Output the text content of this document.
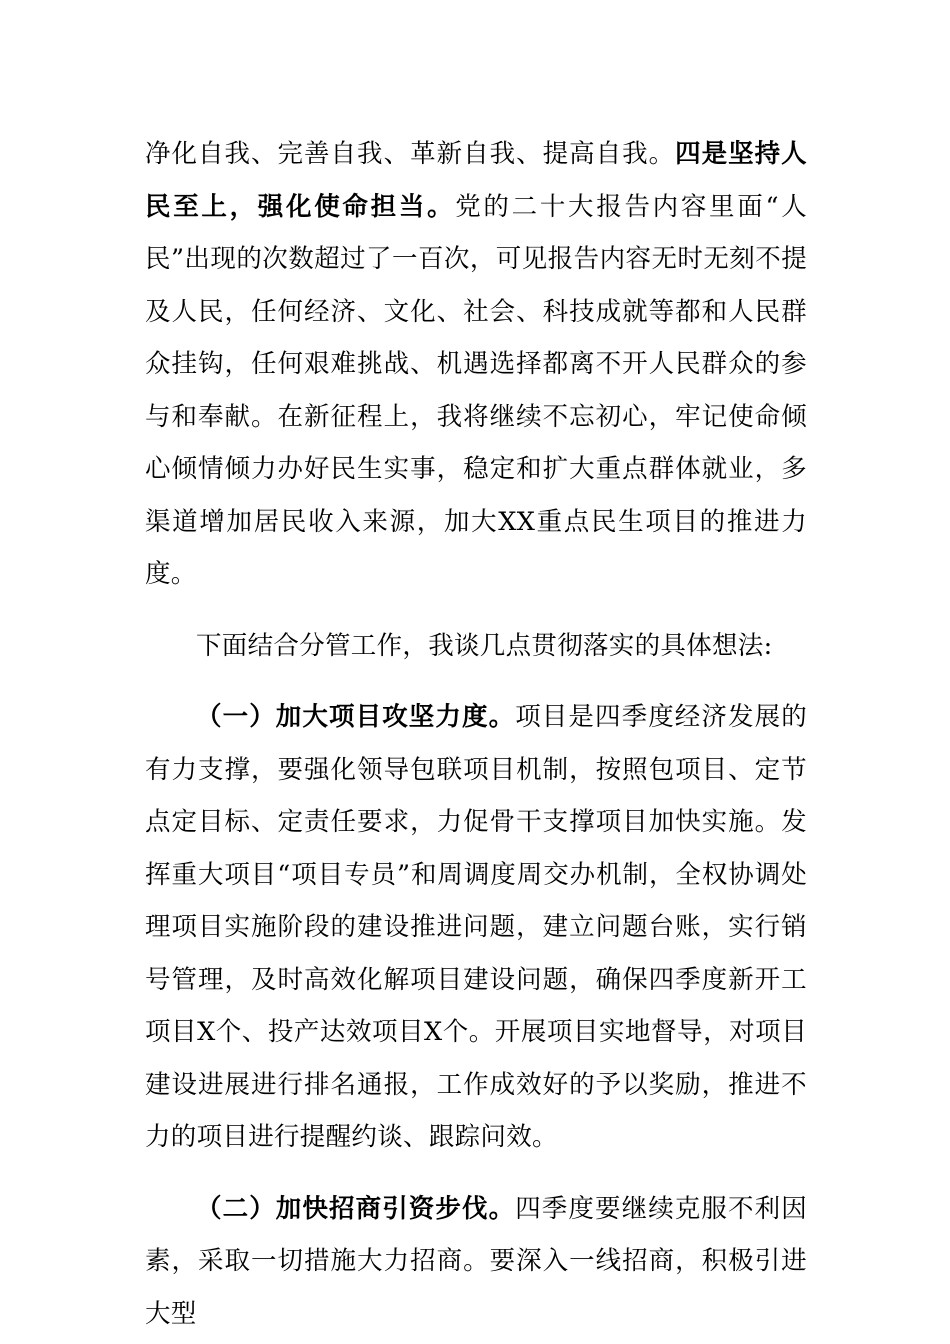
净化自我、完善自我、革新自我、提高自我。四是坚持人民至上，强化使命担当。党的二十大报告内容里面“人民”出现的次数超过了一百次，可见报告内容无时无刻不提及人民，任何经济、文化、社会、科技成就等都和人民群众挂钩，任何艰难挑战、机遇选择都离不开人民群众的参与和奉献。在新征程上，我将继续不忘初心，牢记使命倾心倾情倾力办好民生实事，稳定和扩大重点群体就业，多渠道增加居民收入来源，加大XX重点民生项目的推进力度。

下面结合分管工作，我谈几点贯彻落实的具体想法:

（一）加大项目攻坚力度。项目是四季度经济发展的有力支撑，要强化领导包联项目机制，按照包项目、定节点定目标、定责任要求，力促骨干支撑项目加快实施。发挥重大项目“项目专员”和周调度周交办机制，全权协调处理项目实施阶段的建设推进问题，建立问题台账，实行销号管理，及时高效化解项目建设问题，确保四季度新开工项目X个、投产达效项目X个。开展项目实地督导，对项目建设进展进行排名通报，工作成效好的予以奖励，推进不力的项目进行提醒约谈、跟踪问效。

（二）加快招商引资步伐。四季度要继续克服不利因素，采取一切措施大力招商。要深入一线招商，积极引进大型
